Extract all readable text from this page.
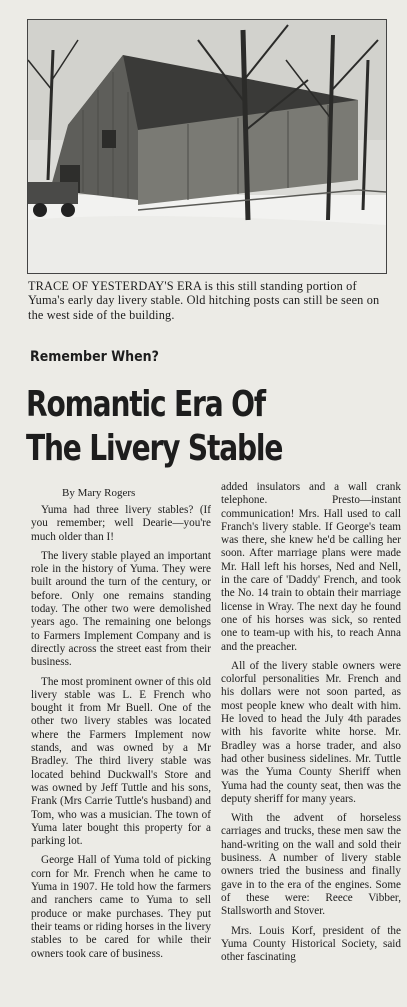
TRACE OF YESTERDAY'S ERA is this still standing portion of Yuma's early day livery stable. Old hitching posts can still be seen on the west side of the building.

Remember When?

Romantic Era Of
The Livery Stable

By Mary Rogers

Yuma had three livery stables? (If you remember; well Dearie—you're much older than I!

The livery stable played an important role in the history of Yuma. They were built around the turn of the century, or before. Only one remains standing today. The other two were demolished years ago. The remaining one belongs to Farmers Implement Company and is directly across the street east from their business.

The most prominent owner of this old livery stable was L. E French who bought it from Mr Buell. One of the other two livery stables was located where the Farmers Implement now stands, and was owned by a Mr Bradley. The third livery stable was located behind Duckwall's Store and was owned by Jeff Tuttle and his sons, Frank (Mrs Carrie Tuttle's husband) and Tom, who was a musician. The town of Yuma later bought this property for a parking lot.

George Hall of Yuma told of picking corn for Mr. French when he came to Yuma in 1907. He told how the farmers and ranchers came to Yuma to sell produce or make purchases. They put their teams or riding horses in the livery stables to be cared for while their owners took care of business.

added insulators and a wall crank telephone. Presto—instant communication! Mrs. Hall used to call Franch's livery stable. If George's team was there, she knew he'd be calling her soon. After marriage plans were made Mr. Hall left his horses, Ned and Nell, in the care of 'Daddy' French, and took the No. 14 train to obtain their marriage license in Wray. The next day he found one of his horses was sick, so rented one to team-up with his, to reach Anna and the preacher.

All of the livery stable owners were colorful personalities Mr. French and his dollars were not soon parted, as most people knew who dealt with him. He loved to head the July 4th parades with his favorite white horse. Mr. Bradley was a horse trader, and also had other business sidelines. Mr. Tuttle was the Yuma County Sheriff when Yuma had the county seat, then was the deputy sheriff for many years.

With the advent of horseless carriages and trucks, these men saw the hand-writing on the wall and sold their business. A number of livery stable owners tried the business and finally gave in to the era of the engines. Some of these were: Reece Vibber, Stallsworth and Stover.

Mrs. Louis Korf, president of the Yuma County Historical Society, said other fascinating
